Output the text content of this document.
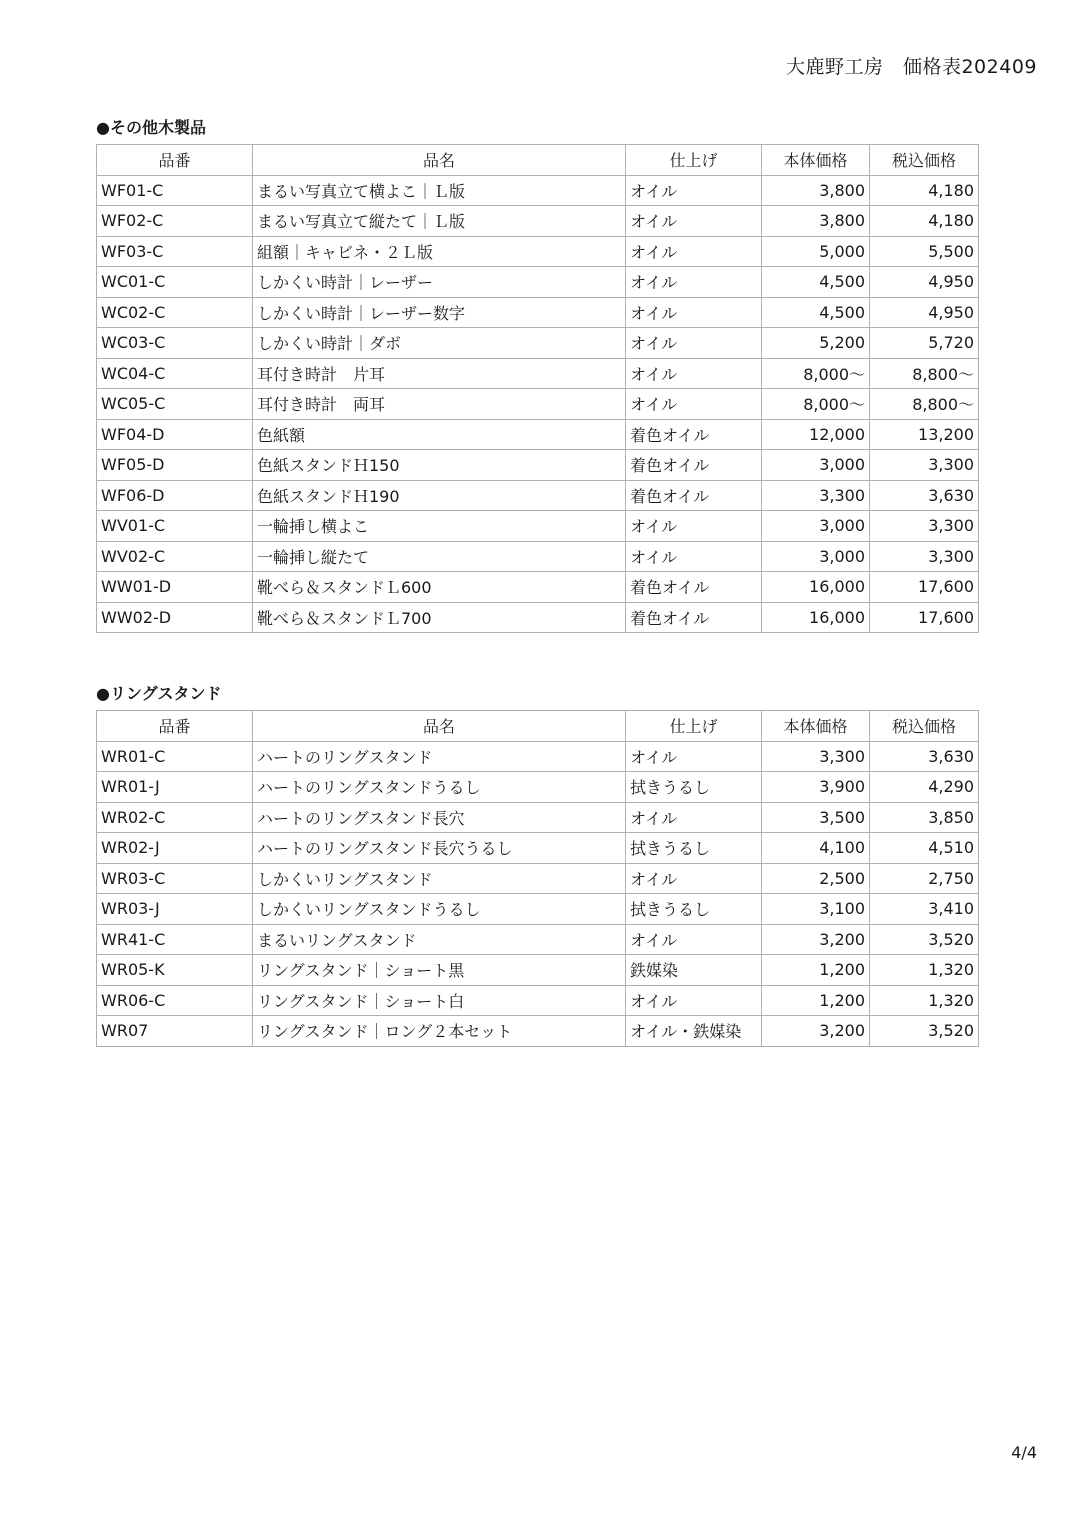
大鹿野工房　価格表202409
●その他木製品
品番	品名	仕上げ	本体価格	税込価格
WF01-C	まるい写真立て横よこ｜Ｌ版	オイル	3,800	4,180
WF02-C	まるい写真立て縦たて｜Ｌ版	オイル	3,800	4,180
WF03-C	組額｜キャビネ・２Ｌ版	オイル	5,000	5,500
WC01-C	しかくい時計｜レーザー	オイル	4,500	4,950
WC02-C	しかくい時計｜レーザー数字	オイル	4,500	4,950
WC03-C	しかくい時計｜ダボ	オイル	5,200	5,720
WC04-C	耳付き時計　片耳	オイル	8,000～	8,800～
WC05-C	耳付き時計　両耳	オイル	8,000～	8,800～
WF04-D	色紙額	着色オイル	12,000	13,200
WF05-D	色紙スタンドＨ150	着色オイル	3,000	3,300
WF06-D	色紙スタンドＨ190	着色オイル	3,300	3,630
WV01-C	一輪挿し横よこ	オイル	3,000	3,300
WV02-C	一輪挿し縦たて	オイル	3,000	3,300
WW01-D	靴べら＆スタンドＬ600	着色オイル	16,000	17,600
WW02-D	靴べら＆スタンドＬ700	着色オイル	16,000	17,600
●リングスタンド
品番	品名	仕上げ	本体価格	税込価格
WR01-C	ハートのリングスタンド	オイル	3,300	3,630
WR01-J	ハートのリングスタンドうるし	拭きうるし	3,900	4,290
WR02-C	ハートのリングスタンド長穴	オイル	3,500	3,850
WR02-J	ハートのリングスタンド長穴うるし	拭きうるし	4,100	4,510
WR03-C	しかくいリングスタンド	オイル	2,500	2,750
WR03-J	しかくいリングスタンドうるし	拭きうるし	3,100	3,410
WR41-C	まるいリングスタンド	オイル	3,200	3,520
WR05-K	リングスタンド｜ショート黒	鉄媒染	1,200	1,320
WR06-C	リングスタンド｜ショート白	オイル	1,200	1,320
WR07	リングスタンド｜ロング２本セット	オイル・鉄媒染	3,200	3,520
4/4
